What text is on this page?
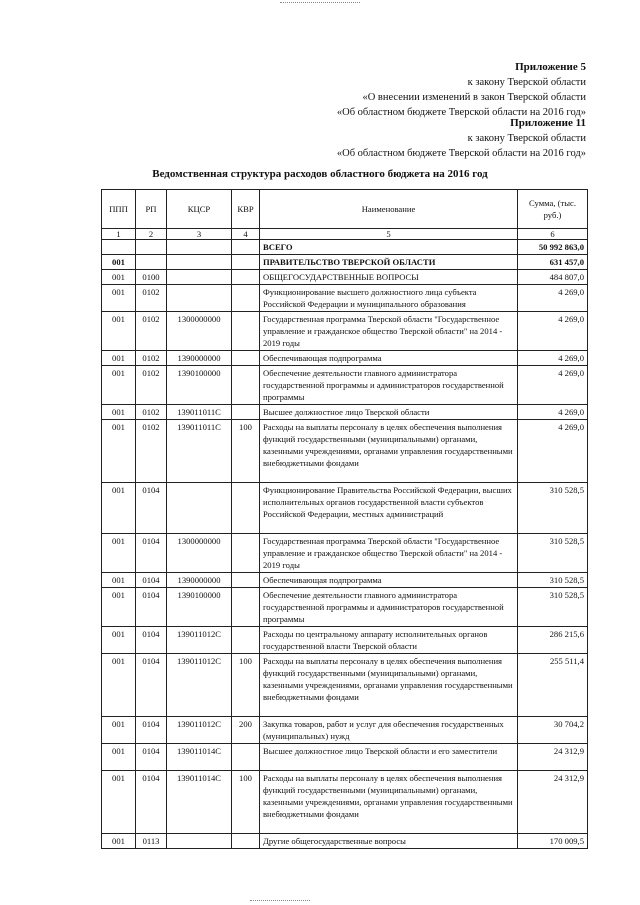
Приложение 5
к закону Тверской области
«О внесении изменений в закон Тверской области
«Об областном бюджете Тверской области на 2016 год»
Приложение 11
к закону Тверской области
«Об областном бюджете Тверской области на 2016 год»
Ведомственная структура расходов областного бюджета на 2016 год
ППП	РП	КЦСР	КВР	Наименование	Сумма, (тыс. руб.)
1	2	3	4	5	6
				ВСЕГО	50 992 863,0
001				ПРАВИТЕЛЬСТВО ТВЕРСКОЙ ОБЛАСТИ	631 457,0
001	0100			ОБЩЕГОСУДАРСТВЕННЫЕ ВОПРОСЫ	484 807,0
001	0102			Функционирование высшего должностного лица субъекта Российской Федерации и муниципального образования	4 269,0
001	0102	1300000000		Государственная программа Тверской области "Государственное управление и гражданское общество Тверской области" на 2014 - 2019 годы	4 269,0
001	0102	1390000000		Обеспечивающая подпрограмма	4 269,0
001	0102	1390100000		Обеспечение деятельности главного администратора государственной программы и администраторов государственной программы	4 269,0
001	0102	139011011С		Высшее должностное лицо Тверской области	4 269,0
001	0102	139011011С	100	Расходы на выплаты персоналу в целях обеспечения выполнения функций государственными (муниципальными) органами, казенными учреждениями, органами управления государственными внебюджетными фондами	4 269,0
001	0104			Функционирование Правительства Российской Федерации, высших исполнительных органов государственной власти субъектов Российской Федерации, местных администраций	310 528,5
001	0104	1300000000		Государственная программа Тверской области "Государственное управление и гражданское общество Тверской области" на 2014 - 2019 годы	310 528,5
001	0104	1390000000		Обеспечивающая подпрограмма	310 528,5
001	0104	1390100000		Обеспечение деятельности главного администратора государственной программы и администраторов государственной программы	310 528,5
001	0104	139011012С		Расходы по центральному аппарату исполнительных органов государственной власти Тверской области	286 215,6
001	0104	139011012С	100	Расходы на выплаты персоналу в целях обеспечения выполнения функций государственными (муниципальными) органами, казенными учреждениями, органами управления государственными внебюджетными фондами	255 511,4
001	0104	139011012С	200	Закупка товаров, работ и услуг для обеспечения государственных (муниципальных) нужд	30 704,2
001	0104	139011014С		Высшее должностное лицо Тверской области и его заместители	24 312,9
001	0104	139011014С	100	Расходы на выплаты персоналу в целях обеспечения выполнения функций государственными (муниципальными) органами, казенными учреждениями, органами управления государственными внебюджетными фондами	24 312,9
001	0113			Другие общегосударственные вопросы	170 009,5
